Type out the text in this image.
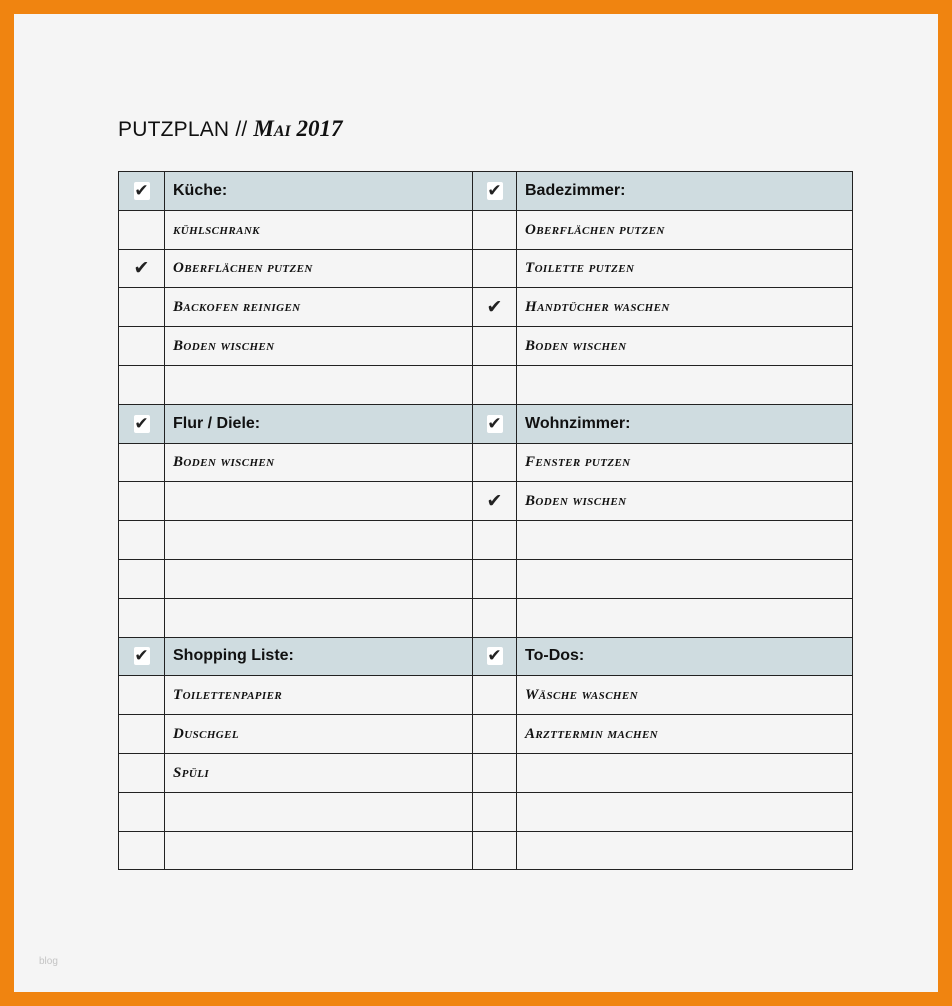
PUTZPLAN // Mai 2017
✔	Küche:	✔	Badezimmer:
	kühlschrank		Oberflächen putzen

✔	Oberflächen putzen		Toilette putzen
	Backofen reinigen	✔	Handtücher waschen
	Boden wischen		Boden wischen

✔	Flur / Diele:	✔	Wohnzimmer:
	Boden wischen		Fenster putzen

		✔	Boden wischen

✔	Shopping Liste:	✔	To-Dos:
	Toilettenpapier		Wäsche waschen
	Duschgel		Arzttermin machen
	Spüli		

blog
